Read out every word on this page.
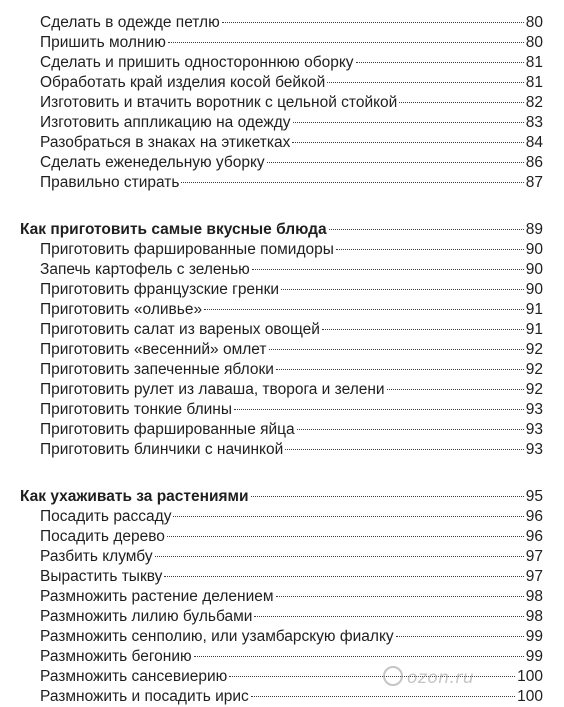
Сделать в одежде петлю	80
Пришить молнию	80
Сделать и пришить одностороннюю оборку	81
Обработать край изделия косой бейкой	81
Изготовить и втачить воротник с цельной стойкой	82
Изготовить аппликацию на одежду	83
Разобраться в знаках на этикетках	84
Сделать еженедельную уборку	86
Правильно стирать	87
Как приготовить самые вкусные блюда	89
Приготовить фаршированные помидоры	90
Запечь картофель с зеленью	90
Приготовить французские гренки	90
Приготовить «оливье»	91
Приготовить салат из вареных овощей	91
Приготовить «весенний» омлет	92
Приготовить запеченные яблоки	92
Приготовить рулет из лаваша, творога и зелени	92
Приготовить тонкие блины	93
Приготовить фаршированные яйца	93
Приготовить блинчики с начинкой	93
Как ухаживать за растениями	95
Посадить рассаду	96
Посадить дерево	96
Разбить клумбу	97
Вырастить тыкву	97
Размножить растение делением	98
Размножить лилию бульбами	98
Размножить сенполию, или узамбарскую фиалку	99
Размножить бегонию	99
Размножить сансевиерию	100
Размножить и посадить ирис	100
ozon.ru
